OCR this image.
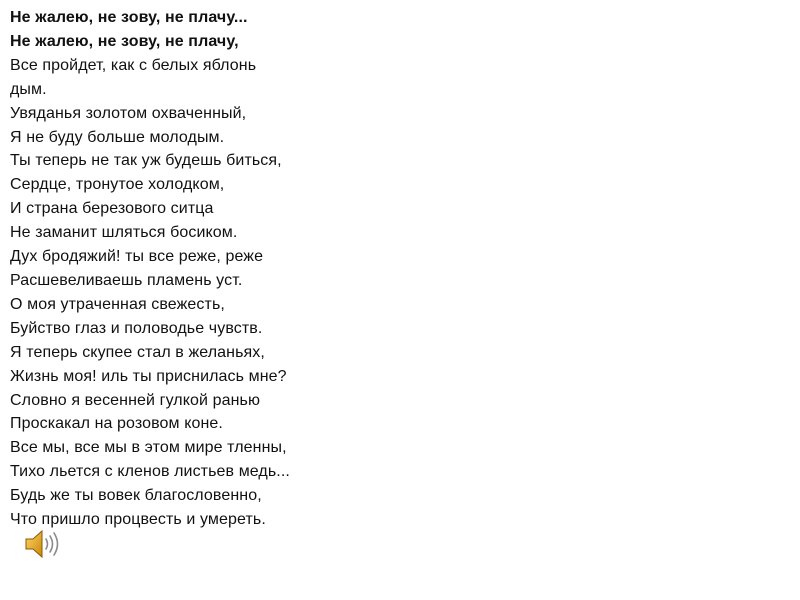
Не жалею, не зову, не плачу...
Не жалею, не зову, не плачу,
Все пройдет, как с белых яблонь
дым.
Увяданья золотом охваченный,
Я не буду больше молодым.
Ты теперь не так уж будешь биться,
Сердце, тронутое холодком,
И страна березового ситца
Не заманит шляться босиком.
Дух бродяжий! ты все реже, реже
Расшевеливаешь пламень уст.
О моя утраченная свежесть,
Буйство глаз и половодье чувств.
Я теперь скупее стал в желаньях,
Жизнь моя! иль ты приснилась мне?
Словно я весенней гулкой ранью
Проскакал на розовом коне.
Все мы, все мы в этом мире тленны,
Тихо льется с кленов листьев медь...
Будь же ты вовек благословенно,
Что пришло процвесть и умереть.
